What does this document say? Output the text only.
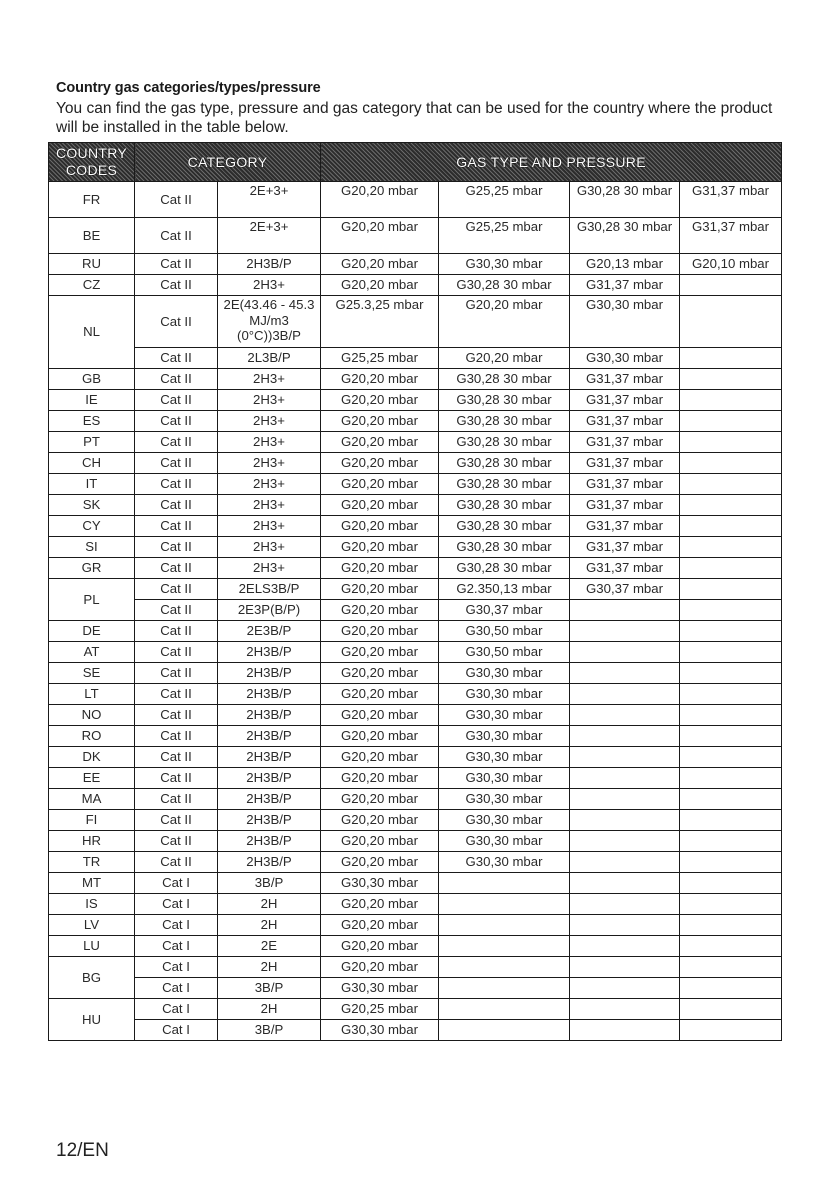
Country gas categories/types/pressure
You can find the gas type, pressure and gas category that can be used for the country where the product will be installed in the table below.
COUNTRY CODES	CATEGORY		GAS TYPE AND PRESSURE			
FR	Cat II	2E+3+	G20,20 mbar	G25,25 mbar	G30,28 30 mbar	G31,37 mbar
BE	Cat II	2E+3+	G20,20 mbar	G25,25 mbar	G30,28 30 mbar	G31,37 mbar
RU	Cat II	2H3B/P	G20,20 mbar	G30,30 mbar	G20,13 mbar	G20,10 mbar
CZ	Cat II	2H3+	G20,20 mbar	G30,28 30 mbar	G31,37 mbar	
NL	Cat II	2E(43.46 - 45.3 MJ/m3 (0°C))3B/P	G25.3,25 mbar	G20,20 mbar	G30,30 mbar	
	Cat II	2L3B/P	G25,25 mbar	G20,20 mbar	G30,30 mbar	
GB	Cat II	2H3+	G20,20 mbar	G30,28 30 mbar	G31,37 mbar	
IE	Cat II	2H3+	G20,20 mbar	G30,28 30 mbar	G31,37 mbar	
ES	Cat II	2H3+	G20,20 mbar	G30,28 30 mbar	G31,37 mbar	
PT	Cat II	2H3+	G20,20 mbar	G30,28 30 mbar	G31,37 mbar	
CH	Cat II	2H3+	G20,20 mbar	G30,28 30 mbar	G31,37 mbar	
IT	Cat II	2H3+	G20,20 mbar	G30,28 30 mbar	G31,37 mbar	
SK	Cat II	2H3+	G20,20 mbar	G30,28 30 mbar	G31,37 mbar	
CY	Cat II	2H3+	G20,20 mbar	G30,28 30 mbar	G31,37 mbar	
SI	Cat II	2H3+	G20,20 mbar	G30,28 30 mbar	G31,37 mbar	
GR	Cat II	2H3+	G20,20 mbar	G30,28 30 mbar	G31,37 mbar	
PL	Cat II	2ELS3B/P	G20,20 mbar	G2.350,13 mbar	G30,37 mbar	
	Cat II	2E3P(B/P)	G20,20 mbar	G30,37 mbar		
DE	Cat II	2E3B/P	G20,20 mbar	G30,50 mbar		
AT	Cat II	2H3B/P	G20,20 mbar	G30,50 mbar		
SE	Cat II	2H3B/P	G20,20 mbar	G30,30 mbar		
LT	Cat II	2H3B/P	G20,20 mbar	G30,30 mbar		
NO	Cat II	2H3B/P	G20,20 mbar	G30,30 mbar		
RO	Cat II	2H3B/P	G20,20 mbar	G30,30 mbar		
DK	Cat II	2H3B/P	G20,20 mbar	G30,30 mbar		
EE	Cat II	2H3B/P	G20,20 mbar	G30,30 mbar		
MA	Cat II	2H3B/P	G20,20 mbar	G30,30 mbar		
FI	Cat II	2H3B/P	G20,20 mbar	G30,30 mbar		
HR	Cat II	2H3B/P	G20,20 mbar	G30,30 mbar		
TR	Cat II	2H3B/P	G20,20 mbar	G30,30 mbar		
MT	Cat I	3B/P	G30,30 mbar			
IS	Cat I	2H	G20,20 mbar			
LV	Cat I	2H	G20,20 mbar			
LU	Cat I	2E	G20,20 mbar			
BG	Cat I	2H	G20,20 mbar			
	Cat I	3B/P	G30,30 mbar			
HU	Cat I	2H	G20,25 mbar			
	Cat I	3B/P	G30,30 mbar			
12/EN
